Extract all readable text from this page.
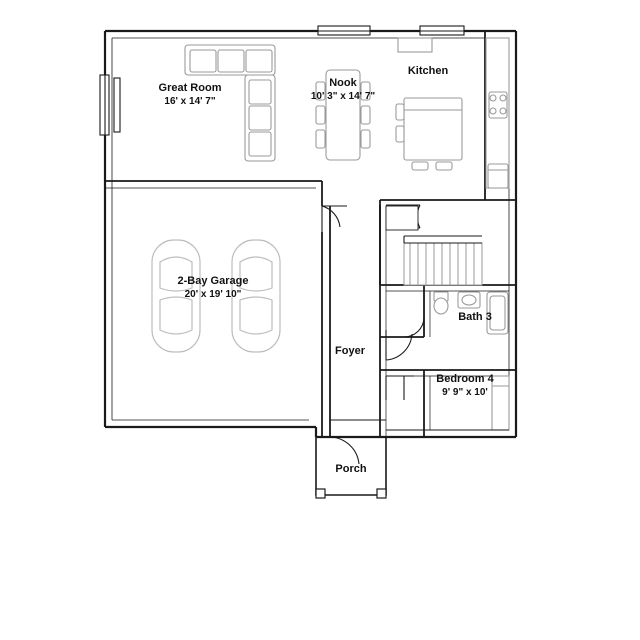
Great Room
16' x 14' 7"
Nook
10' 3" x 14' 7"
Kitchen
2-Bay Garage
20' x 19' 10"
Bath 3
Foyer
Bedroom 4
9' 9" x 10'
Porch
